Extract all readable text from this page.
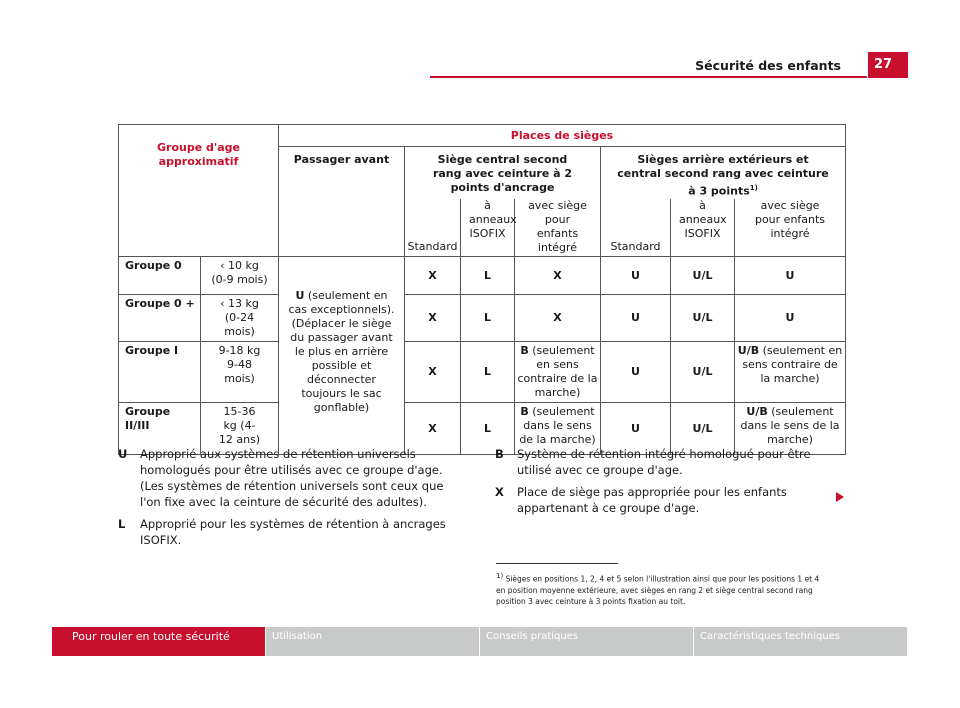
Sécurité des enfants	27
Groupe d'age approximatif		Places de sièges						
		Passager avant	Siège central second rang avec ceinture à 2 points d'ancrage			Sièges arrière extérieurs et central second rang avec ceinture à 3 points$^{1)}$
			Standard	à anneaux ISOFIX	avec siège pour enfants intégré	Standard	à anneaux ISOFIX	avec siège pour enfants intégré
Groupe 0	‹ 10 kg (0-9 mois)	U (seulement en cas exceptionnels). (Déplacer le siège du passager avant le plus en arrière possible et déconnecter toujours le sac gonflable)	X	L	X	U	U/L	U
Groupe 0 +	‹ 13 kg (0-24 mois)		X	L	X	U	U/L	U
Groupe I	9-18 kg 9-48 mois)		X	L	B (seulement en sens contraire de la marche)	U	U/L	U/B (seulement en sens contraire de la marche)
Groupe II/III	15-36 kg (4-12 ans)		X	L	B (seulement dans le sens de la marche)	U	U/L	U/B (seulement dans le sens de la marche)
U Approprié aux systèmes de rétention universels homologués pour être utilisés avec ce groupe d'age. (Les systèmes de rétention universels sont ceux que l'on fixe avec la ceinture de sécurité des adultes).
L Approprié pour les systèmes de rétention à ancrages ISOFIX.
B Système de rétention intégré homologué pour être utilisé avec ce groupe d'age.
X Place de siège pas appropriée pour les enfants appartenant à ce groupe d'age.
$^{1)}$ Sièges en positions 1, 2, 4 et 5 selon l'illustration ainsi que pour les positions 1 et 4 en position moyenne extérieure, avec sièges en rang 2 et siège central second rang position 3 avec ceinture à 3 points fixation au toit.
Pour rouler en toute sécurité	Utilisation	Conseils pratiques	Caractéristiques techniques
